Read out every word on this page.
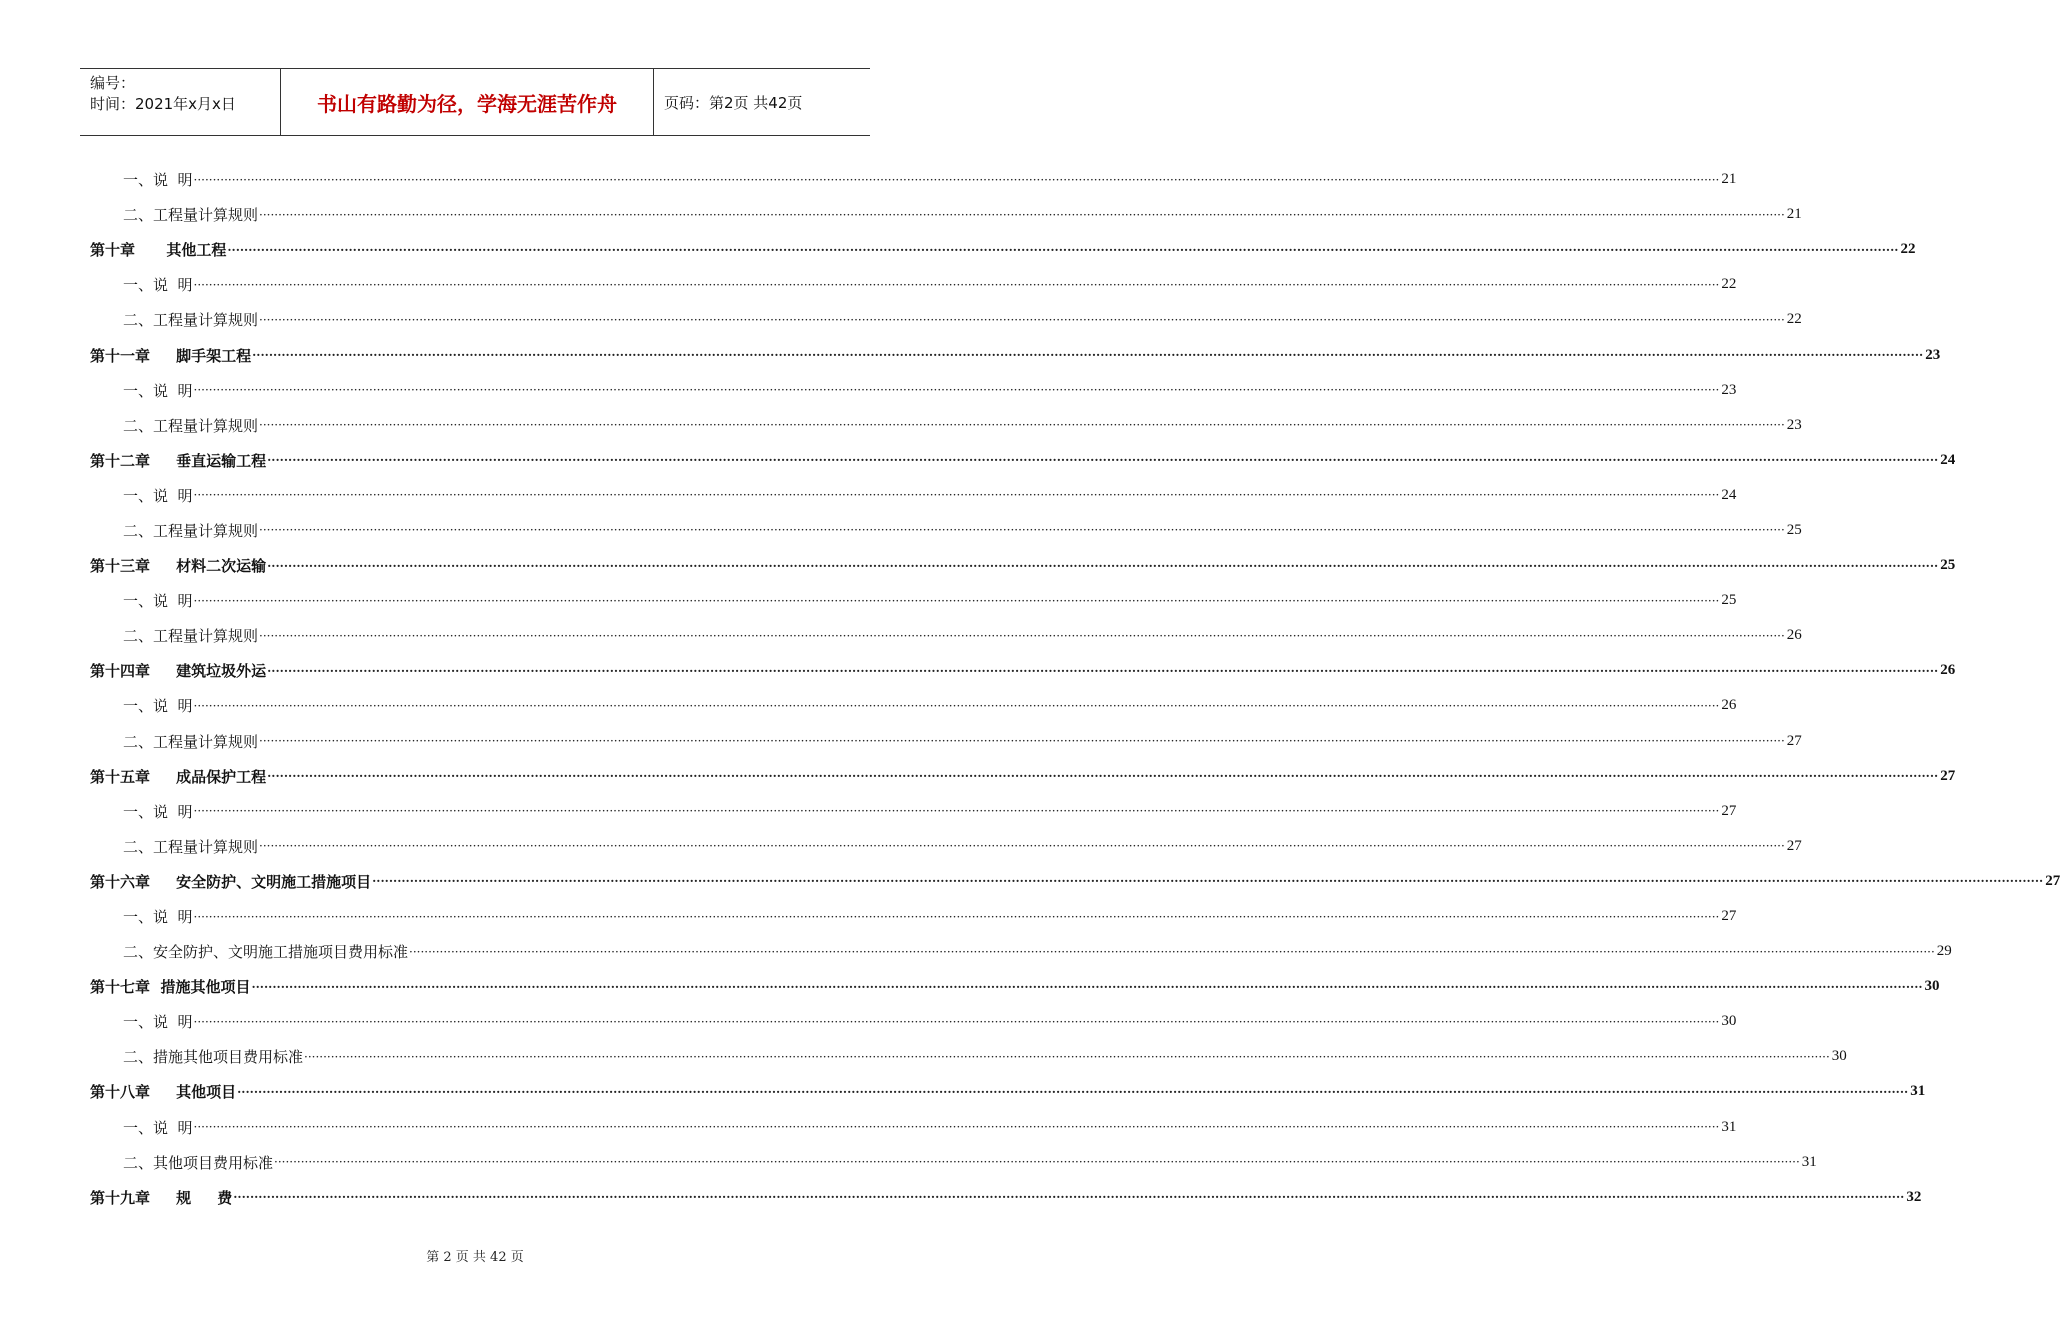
编号：
时间：2021年x月x日	书山有路勤为径，学海无涯苦作舟	页码：第2页 共42页
一、说  明 ················································································································································································································································································································································································································ 21
二、工程量计算规则 ················································································································································································································································································································································································································ 21
第十章      其他工程 ················································································································································································································································································································································································································ 22
一、说  明 ················································································································································································································································································································································································································ 22
二、工程量计算规则 ················································································································································································································································································································································································································ 22
第十一章     脚手架工程 ················································································································································································································································································································································································································ 23
一、说  明 ················································································································································································································································································································································································································ 23
二、工程量计算规则 ················································································································································································································································································································································································································ 23
第十二章     垂直运输工程 ················································································································································································································································································································································································································ 24
一、说  明 ················································································································································································································································································································································································································ 24
二、工程量计算规则 ················································································································································································································································································································································································································ 25
第十三章     材料二次运输 ················································································································································································································································································································································································································ 25
一、说  明 ················································································································································································································································································································································································································ 25
二、工程量计算规则 ················································································································································································································································································································································································································ 26
第十四章     建筑垃圾外运 ················································································································································································································································································································································································································ 26
一、说  明 ················································································································································································································································································································································································································ 26
二、工程量计算规则 ················································································································································································································································································································································································································ 27
第十五章     成品保护工程 ················································································································································································································································································································································································································ 27
一、说  明 ················································································································································································································································································································································································································ 27
二、工程量计算规则 ················································································································································································································································································································································································································ 27
第十六章     安全防护、文明施工措施项目 ················································································································································································································································································································································································································ 27
一、说  明 ················································································································································································································································································································································································································ 27
二、安全防护、文明施工措施项目费用标准 ················································································································································································································································································································································································································ 29
第十七章  措施其他项目 ················································································································································································································································································································································································································ 30
一、说  明 ················································································································································································································································································································································································································ 30
二、措施其他项目费用标准 ················································································································································································································································································································································································································ 30
第十八章     其他项目 ················································································································································································································································································································································································································ 31
一、说  明 ················································································································································································································································································································································································································ 31
二、其他项目费用标准 ················································································································································································································································································································································································································ 31
第十九章     规     费 ················································································································································································································································································································································································································ 32
第 2 页 共 42 页
